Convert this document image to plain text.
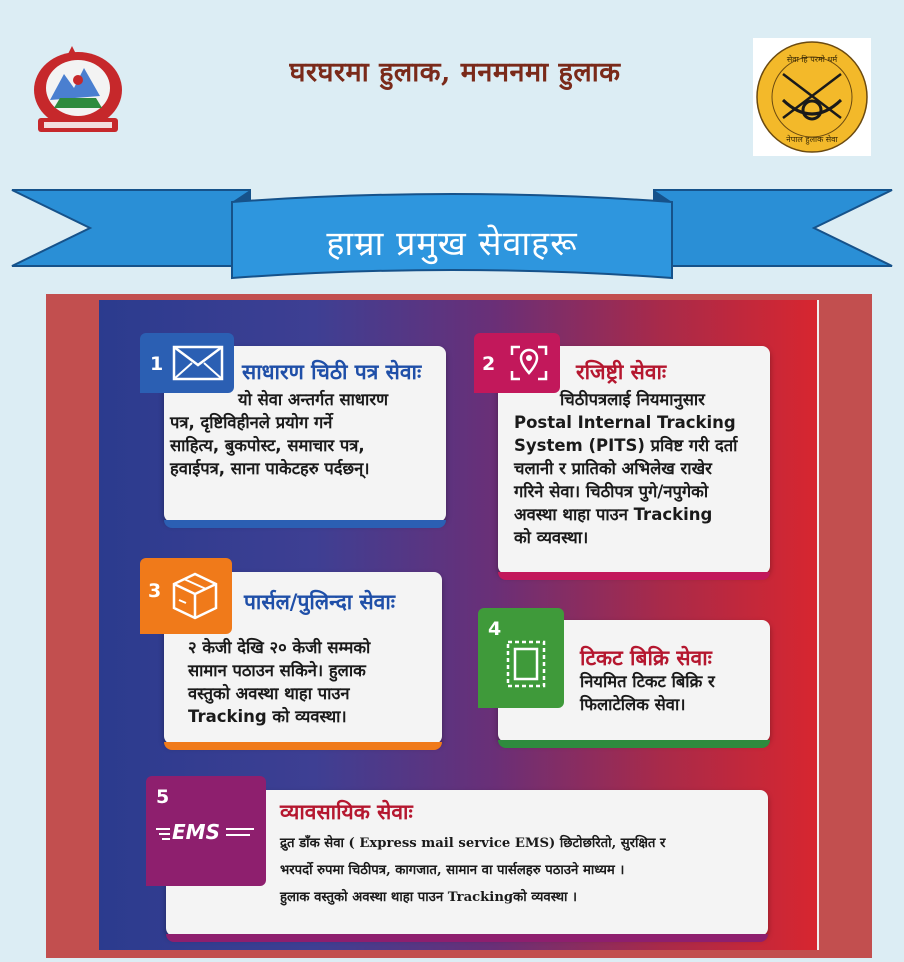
घरघरमा हुलाक, मनमनमा हुलाक	सेवा हि परमो धर्म
नेपाल हुलाक सेवा
हाम्रा प्रमुख सेवाहरू
1	साधारण चिठी पत्र सेवाः
यो सेवा अन्तर्गत साधारण
पत्र, दृष्टिविहीनले प्रयोग गर्ने
साहित्य, बुकपोस्ट, समाचार पत्र,
हवाईपत्र, साना पाकेटहरु पर्दछन्।
2	रजिष्ट्री सेवाः
चिठीपत्रलाई नियमानुसार
Postal Internal Tracking
System (PITS) प्रविष्ट गरी दर्ता
चलानी र प्रातिको अभिलेख राखेर
गरिने सेवा। चिठीपत्र पुगे/नपुगेको
अवस्था थाहा पाउन Tracking
को व्यवस्था।
3	पार्सल/पुलिन्दा सेवाः
२ केजी देखि २० केजी सम्मको
सामान पठाउन सकिने। हुलाक
वस्तुको अवस्था थाहा पाउन
Tracking को व्यवस्था।
4
टिकट बिक्रि सेवाः
नियमित टिकट बिक्रि र
फिलाटेलिक सेवा।
5
EMS
व्यावसायिक सेवाः
द्रुत डाँक सेवा ( Express mail service EMS) छिटोछरितो, सुरक्षित र
भरपर्दो रुपमा चिठीपत्र, कागजात, सामान वा पार्सलहरु पठाउने माध्यम ।
हुलाक वस्तुको अवस्था थाहा पाउन Trackingको व्यवस्था ।
